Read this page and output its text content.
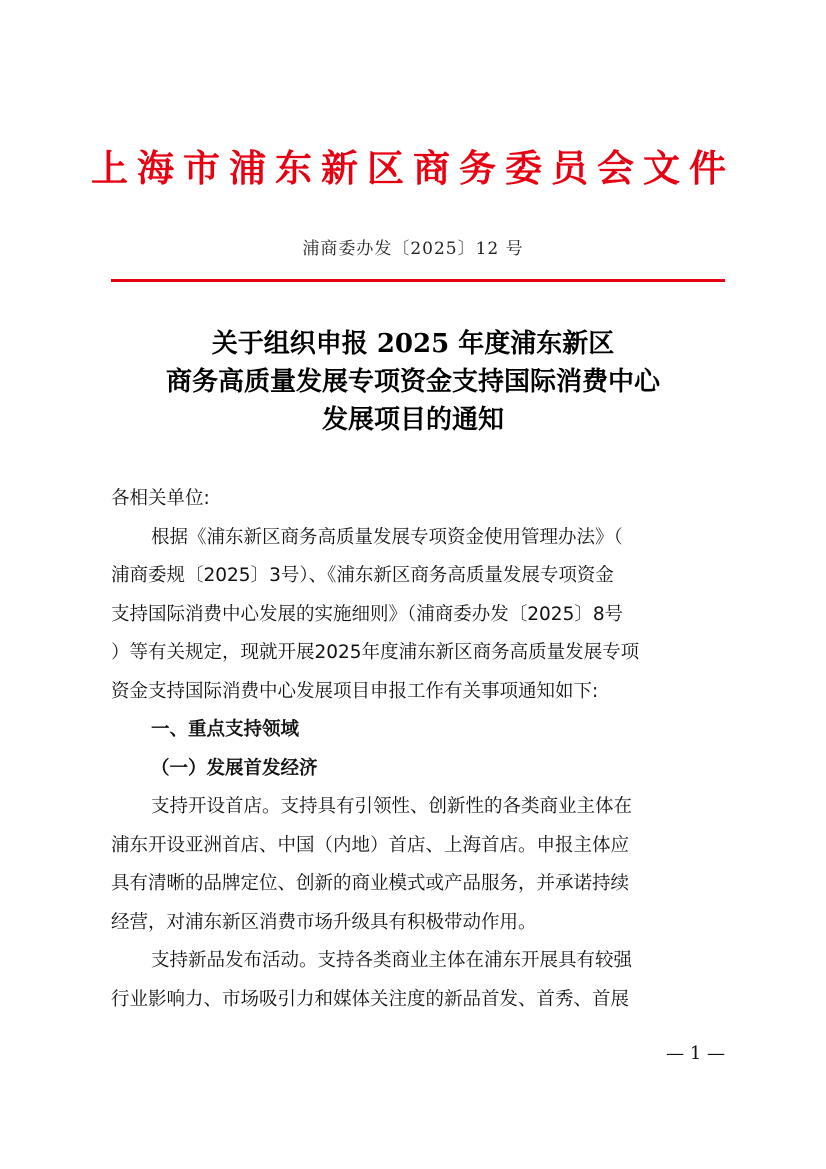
上海市浦东新区商务委员会文件
浦商委办发〔2025〕12 号
关于组织申报 2025 年度浦东新区
商务高质量发展专项资金支持国际消费中心
发展项目的通知
各相关单位:
根据《浦东新区商务高质量发展专项资金使用管理办法》（
浦商委规〔2025〕3号）、《浦东新区商务高质量发展专项资金
支持国际消费中心发展的实施细则》（浦商委办发〔2025〕8号
）等有关规定，现就开展2025年度浦东新区商务高质量发展专项
资金支持国际消费中心发展项目申报工作有关事项通知如下:
一、重点支持领域
（一）发展首发经济
支持开设首店。支持具有引领性、创新性的各类商业主体在
浦东开设亚洲首店、中国（内地）首店、上海首店。申报主体应
具有清晰的品牌定位、创新的商业模式或产品服务，并承诺持续
经营，对浦东新区消费市场升级具有积极带动作用。
支持新品发布活动。支持各类商业主体在浦东开展具有较强
行业影响力、市场吸引力和媒体关注度的新品首发、首秀、首展
— 1 —
